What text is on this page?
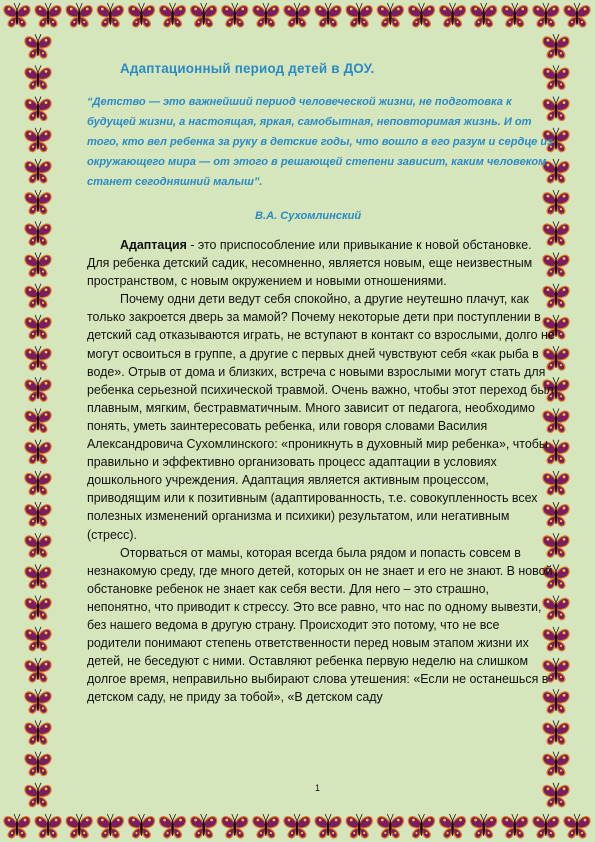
Адаптационный период детей в ДОУ.
“Детство — это важнейший период человеческой жизни, не подготовка к будущей жизни, а настоящая, яркая, самобытная, неповторимая жизнь. И от того, кто вел ребенка за руку в детские годы, что вошло в его разум и сердце из окружающего мира — от этого в решающей степени зависит, каким человеком станет сегодняшний малыш”.
В.А. Сухомлинский

Адаптация - это приспособление или привыкание к новой обстановке. Для ребенка детский садик, несомненно, является новым, еще неизвестным пространством, с новым окружением и новыми отношениями.

Почему одни дети ведут себя спокойно, а другие неутешно плачут, как только закроется дверь за мамой? Почему некоторые дети при поступлении в детский сад отказываются играть, не вступают в контакт со взрослыми, долго не могут освоиться в группе, а другие с первых дней чувствуют себя «как рыба в воде». Отрыв от дома и близких, встреча с новыми взрослыми могут стать для ребенка серьезной психической травмой. Очень важно, чтобы этот переход был плавным, мягким, бестравматичным. Много зависит от педагога, необходимо понять, уметь заинтересовать ребенка, или говоря словами Василия Александровича Сухомлинского: «проникнуть в духовный мир ребенка», чтобы правильно и эффективно организовать процесс адаптации в условиях дошкольного учреждения. Адаптация является активным процессом, приводящим или к позитивным (адаптированность, т.е. совокупленность всех полезных изменений организма и психики) результатом, или негативным (стресс).

Оторваться от мамы, которая всегда была рядом и попасть совсем в незнакомую среду, где много детей, которых он не знает и его не знают. В новой обстановке ребенок не знает как себя вести. Для него – это страшно, непонятно, что приводит к стрессу. Это все равно, что нас по одному вывезти, без нашего ведома в другую страну. Происходит это потому, что не все родители понимают степень ответственности перед новым этапом жизни их детей, не беседуют с ними. Оставляют ребенка первую неделю на слишком долгое время, неправильно выбирают слова утешения: «Если не останешься в детском саду, не приду за тобой», «В детском саду

1
